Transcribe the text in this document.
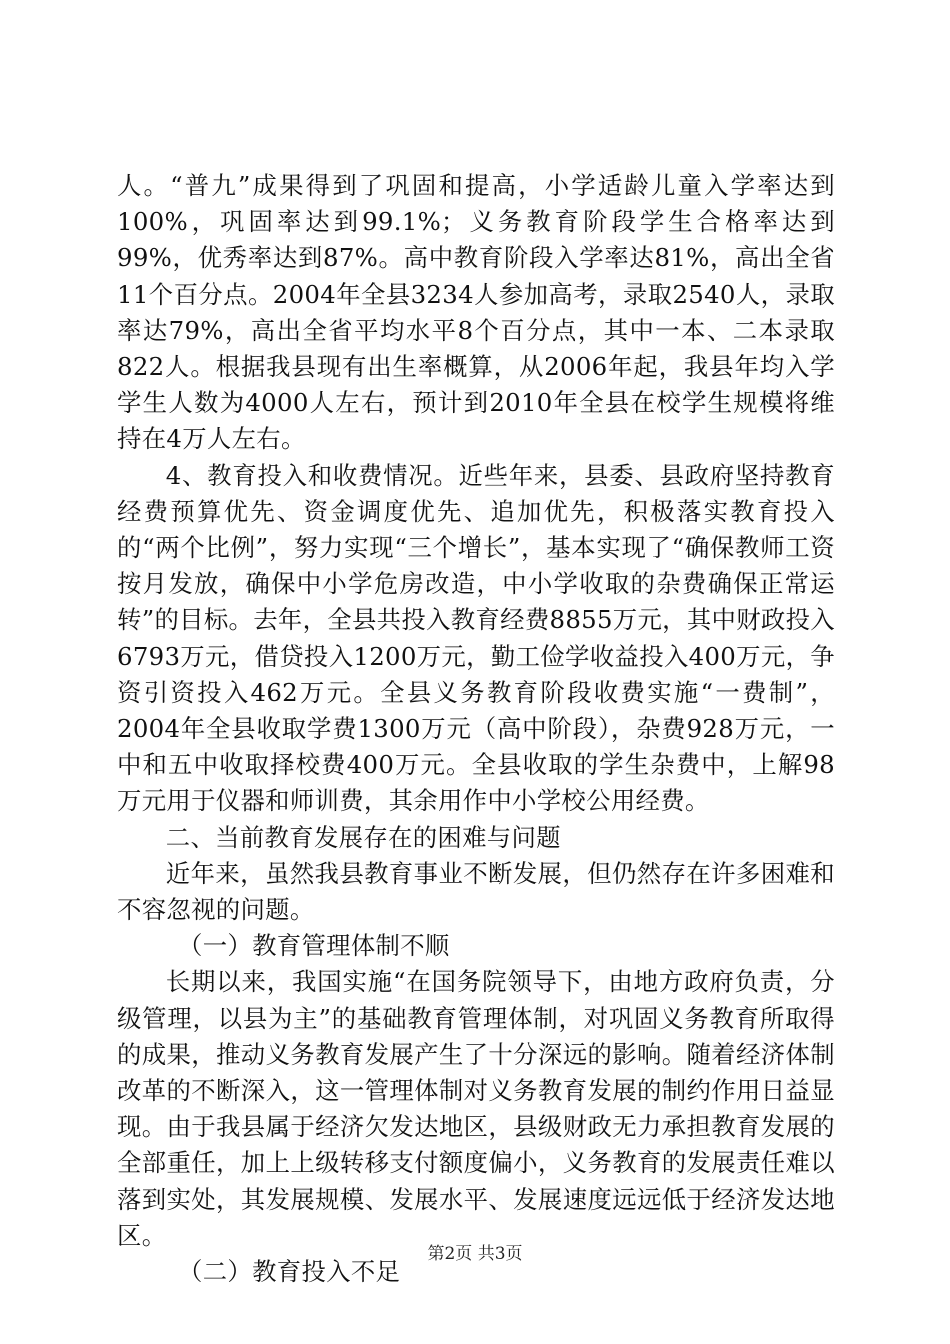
人。“普九”成果得到了巩固和提高，小学适龄儿童入学率达到100%，巩固率达到99.1%；义务教育阶段学生合格率达到99%，优秀率达到87%。高中教育阶段入学率达81%，高出全省11个百分点。2004年全县3234人参加高考，录取2540人，录取率达79%，高出全省平均水平8个百分点，其中一本、二本录取822人。根据我县现有出生率概算，从2006年起，我县年均入学学生人数为4000人左右，预计到2010年全县在校学生规模将维持在4万人左右。

4、教育投入和收费情况。近些年来，县委、县政府坚持教育经费预算优先、资金调度优先、追加优先，积极落实教育投入的“两个比例”，努力实现“三个增长”，基本实现了“确保教师工资按月发放，确保中小学危房改造，中小学收取的杂费确保正常运转”的目标。去年，全县共投入教育经费8855万元，其中财政投入6793万元，借贷投入1200万元，勤工俭学收益投入400万元，争资引资投入462万元。全县义务教育阶段收费实施“一费制”，2004年全县收取学费1300万元（高中阶段），杂费928万元，一中和五中收取择校费400万元。全县收取的学生杂费中，上解98万元用于仪器和师训费，其余用作中小学校公用经费。

二、当前教育发展存在的困难与问题

近年来，虽然我县教育事业不断发展，但仍然存在许多困难和不容忽视的问题。

（一）教育管理体制不顺

长期以来，我国实施“在国务院领导下，由地方政府负责，分级管理，以县为主”的基础教育管理体制，对巩固义务教育所取得的成果，推动义务教育发展产生了十分深远的影响。随着经济体制改革的不断深入，这一管理体制对义务教育发展的制约作用日益显现。由于我县属于经济欠发达地区，县级财政无力承担教育发展的全部重任，加上上级转移支付额度偏小，义务教育的发展责任难以落到实处，其发展规模、发展水平、发展速度远远低于经济发达地区。

（二）教育投入不足

第2页 共3页
